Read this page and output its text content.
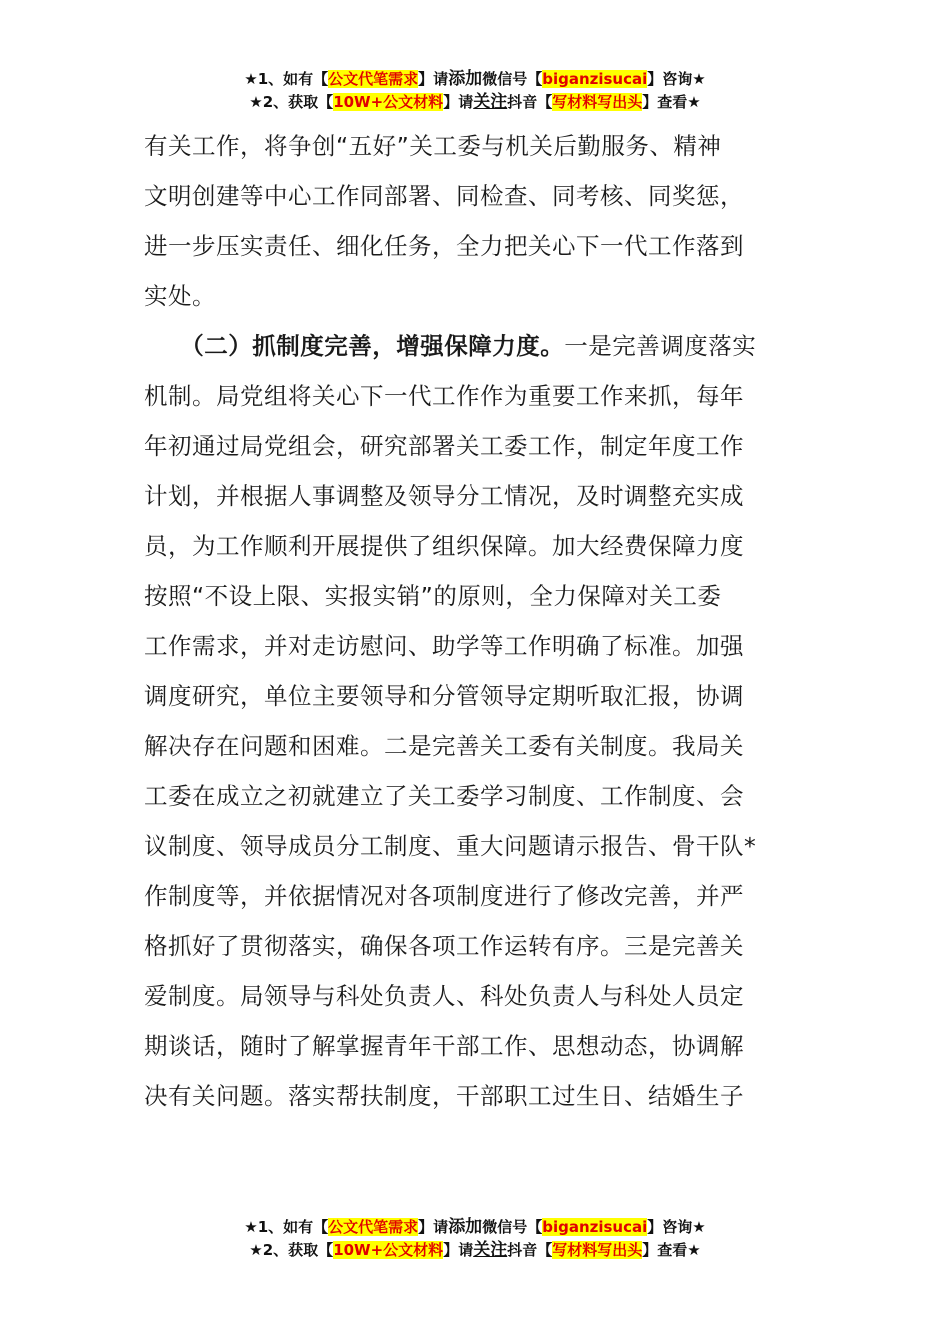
★1、如有【公文代笔需求】请添加微信号【biganzisucai】咨询★
★2、获取【10W+公文材料】请关注抖音【写材料写出头】查看★
有关工作，将争创“五好”关工委与机关后勤服务、精神
文明创建等中心工作同部署、同检查、同考核、同奖惩，
进一步压实责任、细化任务，全力把关心下一代工作落到
实处。
　　（二）抓制度完善，增强保障力度。一是完善调度落实
机制。局党组将关心下一代工作作为重要工作来抓，每年
年初通过局党组会，研究部署关工委工作，制定年度工作
计划，并根据人事调整及领导分工情况，及时调整充实成
员，为工作顺利开展提供了组织保障。加大经费保障力度
按照“不设上限、实报实销”的原则，全力保障对关工委
工作需求，并对走访慰问、助学等工作明确了标准。加强
调度研究，单位主要领导和分管领导定期听取汇报，协调
解决存在问题和困难。二是完善关工委有关制度。我局关
工委在成立之初就建立了关工委学习制度、工作制度、会
议制度、领导成员分工制度、重大问题请示报告、骨干队*
作制度等，并依据情况对各项制度进行了修改完善，并严
格抓好了贯彻落实，确保各项工作运转有序。三是完善关
爱制度。局领导与科处负责人、科处负责人与科处人员定
期谈话，随时了解掌握青年干部工作、思想动态，协调解
决有关问题。落实帮扶制度，干部职工过生日、结婚生子
★1、如有【公文代笔需求】请添加微信号【biganzisucai】咨询★
★2、获取【10W+公文材料】请关注抖音【写材料写出头】查看★
